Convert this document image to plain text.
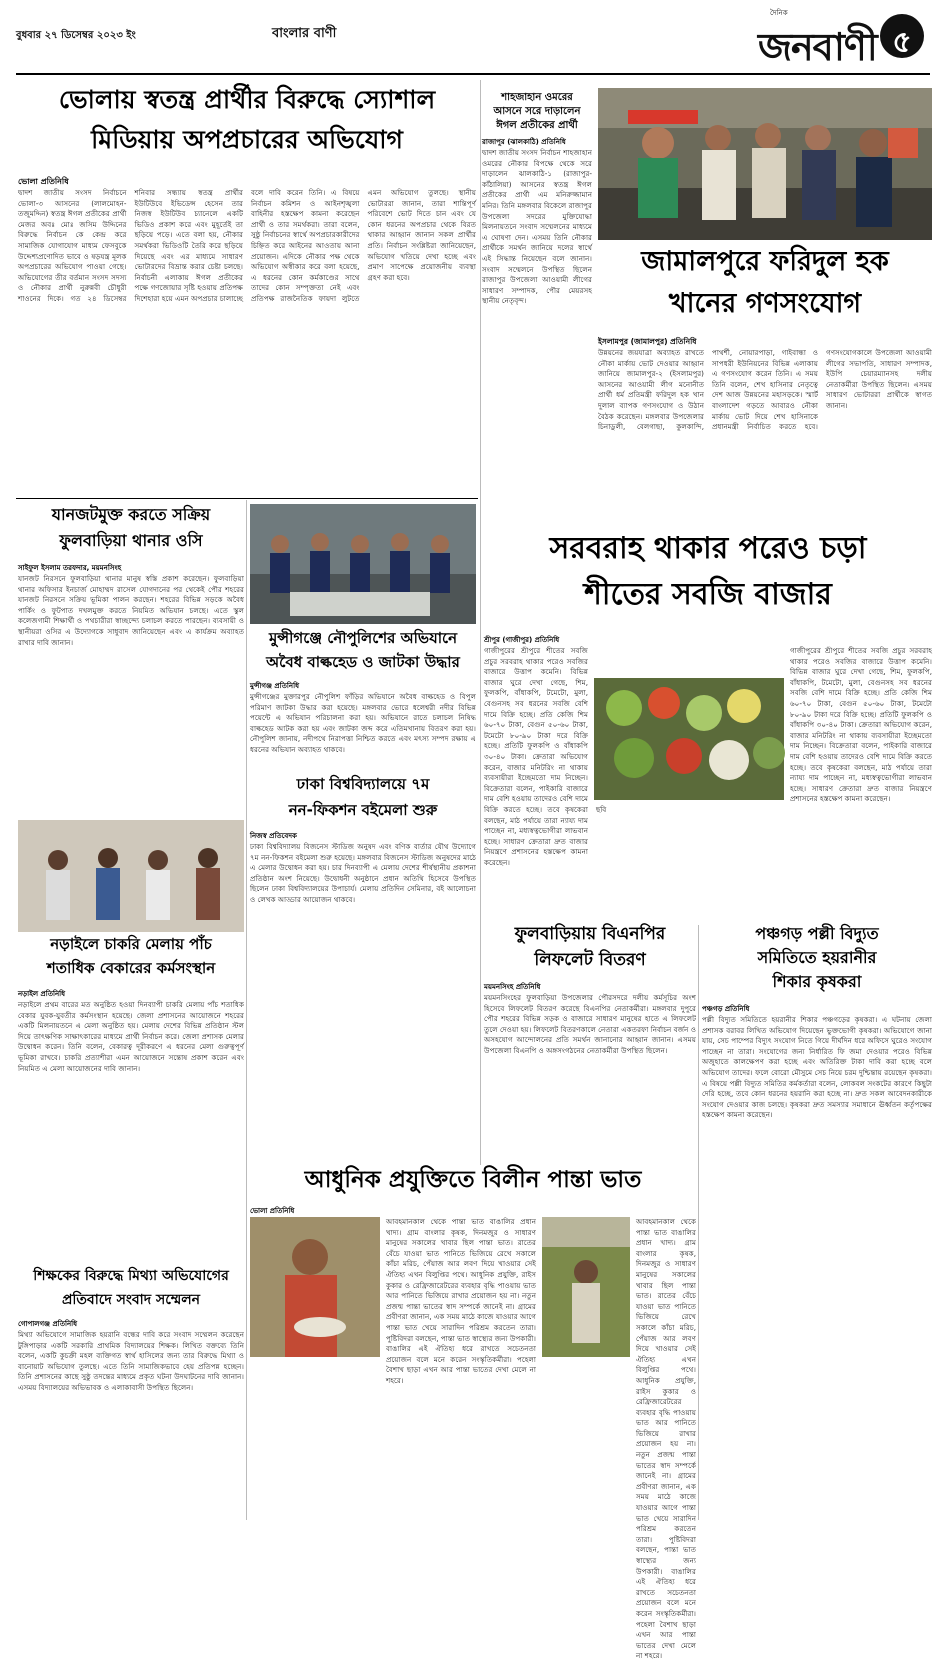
বুধবার ২৭ ডিসেম্বর ২০২৩ ইং	বাংলার বাণী
দৈনিক
জনবাণী ৫
ভোলায় স্বতন্ত্র প্রার্থীর বিরুদ্ধে স্যোশাল
মিডিয়ায় অপপ্রচারের অভিযোগ
ভোলা প্রতিনিধি
দ্বাদশ জাতীয় সংসদ নির্বাচনে ভোলা-৩ আসনের (লালমোহন-তজুমদ্দিন) স্বতন্ত্র ঈগল প্রতীকের প্রার্থী মেজর অবঃ মোঃ জসিম উদ্দিনের বিরুদ্ধে নির্বাচন কে কেন্দ্র করে সামাজিক যোগাযোগ মাধ্যম ফেসবুকে উদ্দেশ্যপ্রণোদিত ভাবে ও ষড়যন্ত্র মূলক অপপ্রচারের অভিযোগ পাওয়া গেছে। অভিযোগের তীর বর্তমান সংসদ সদস্য ও নৌকার প্রার্থী নুরুন্নবী চৌধুরী শাওনের দিকে। গত ২৪ ডিসেম্বর শনিবার সন্ধ্যায় স্বতন্ত্র প্রার্থীর ইউটিউবে ইভিডেন্স হেসেন তার নিজস্ব ইউটিউব চ্যানেলে একটি ভিডিও প্রকাশ করে এবং মুহূর্তেই তা ছড়িয়ে পড়ে। এতে বলা হয়, নৌকার সমর্থকরা ভিডিওটি তৈরি করে ছড়িয়ে দিয়েছে এবং এর মাধ্যমে সাধারণ ভোটারদের বিভ্রান্ত করার চেষ্টা চলছে। নির্বাচনী এলাকায় ঈগল প্রতীকের পক্ষে গণজোয়ার সৃষ্টি হওয়ায় প্রতিপক্ষ দিশেহারা হয়ে এমন অপপ্রচার চালাচ্ছে বলে দাবি করেন তিনি। এ বিষয়ে নির্বাচন কমিশন ও আইনশৃঙ্খলা বাহিনীর হস্তক্ষেপ কামনা করেছেন প্রার্থী ও তার সমর্থকরা। তারা বলেন, সুষ্ঠু নির্বাচনের স্বার্থে অপপ্রচারকারীদের চিহ্নিত করে আইনের আওতায় আনা প্রয়োজন। এদিকে নৌকার পক্ষ থেকে অভিযোগ অস্বীকার করে বলা হয়েছে, এ ধরনের কোন কর্মকাণ্ডের সাথে তাদের কোন সম্পৃক্ততা নেই এবং প্রতিপক্ষ রাজনৈতিক ফায়দা লুটতে এমন অভিযোগ তুলছে। স্থানীয় ভোটাররা জানান, তারা শান্তিপূর্ণ পরিবেশে ভোট দিতে চান এবং যে কোন ধরনের অপপ্রচার থেকে বিরত থাকার আহ্বান জানান সকল প্রার্থীর প্রতি। নির্বাচন সংশ্লিষ্টরা জানিয়েছেন, অভিযোগ খতিয়ে দেখা হচ্ছে এবং প্রমাণ সাপেক্ষে প্রয়োজনীয় ব্যবস্থা গ্রহণ করা হবে।
শাহজাহান ওমরের
আসনে সরে দাড়ালেন
ঈগল প্রতীকের প্রার্থী
রাজাপুর (ঝালকাঠি) প্রতিনিধি
দ্বাদশ জাতীয় সংসদ নির্বাচন শাহজাহান ওমরের নৌকার বিপক্ষে থেকে সরে দাড়ালেন ঝালকাঠি-১ (রাজাপুর-কাঁঠালিয়া) আসনের স্বতন্ত্র ঈগল প্রতীকের প্রার্থী এম মনিরুজ্জামান মনির। তিনি মঙ্গলবার বিকেলে রাজাপুর উপজেলা সদরের মুক্তিযোদ্ধা মিলনায়তনে সংবাদ সম্মেলনের মাধ্যমে এ ঘোষণা দেন। এসময় তিনি নৌকার প্রার্থীকে সমর্থন জানিয়ে দলের স্বার্থে এই সিদ্ধান্ত নিয়েছেন বলে জানান। সংবাদ সম্মেলনে উপস্থিত ছিলেন রাজাপুর উপজেলা আওয়ামী লীগের সাধারণ সম্পাদক, পৌর মেয়রসহ স্থানীয় নেতৃবৃন্দ।
জামালপুরে ফরিদুল হক
খানের গণসংযোগ
ইসলামপুর (জামালপুর) প্রতিনিধি
উন্নয়নের জয়যাত্রা অব্যাহত রাখতে নৌকা মার্কায় ভোট দেওয়ার আহ্বান জানিয়ে জামালপুর-২ (ইসলামপুর) আসনের আওয়ামী লীগ মনোনীত প্রার্থী ধর্ম প্রতিমন্ত্রী ফরিদুল হক খান দুলাল ব্যাপক গণসংযোগ ও উঠান বৈঠক করেছেন। মঙ্গলবার উপজেলার চিনাডুলী, বেলগাছা, কুলকান্দি, পাথর্শী, নোয়ারপাড়া, গাইবান্ধা ও সাপধরী ইউনিয়নের বিভিন্ন এলাকায় এ গণসংযোগ করেন তিনি। এ সময় তিনি বলেন, শেখ হাসিনার নেতৃত্বে দেশ আজ উন্নয়নের মহাসড়কে। স্মার্ট বাংলাদেশ গড়তে আবারও নৌকা মার্কায় ভোট দিয়ে শেখ হাসিনাকে প্রধানমন্ত্রী নির্বাচিত করতে হবে। গণসংযোগকালে উপজেলা আওয়ামী লীগের সভাপতি, সাধারণ সম্পাদক, ইউপি চেয়ারম্যানসহ দলীয় নেতাকর্মীরা উপস্থিত ছিলেন। এসময় সাধারণ ভোটাররা প্রার্থীকে স্বাগত জানান।
যানজটমুক্ত করতে সক্রিয়
ফুলবাড়িয়া থানার ওসি
সাইফুল ইসলাম তরফদার, ময়মনসিংহ
যানজট নিরসনে ফুলবাড়িয়া থানার মানুষ স্বস্তি প্রকাশ করেছেন। ফুলবাড়িয়া থানার অফিসার ইনচার্জ মোহাম্মদ রাসেল যোগদানের পর থেকেই পৌর শহরের যানজট নিরসনে সক্রিয় ভূমিকা পালন করছেন। শহরের বিভিন্ন সড়কে অবৈধ পার্কিং ও ফুটপাত দখলমুক্ত করতে নিয়মিত অভিযান চলছে। এতে স্কুল কলেজগামী শিক্ষার্থী ও পথচারীরা স্বাচ্ছন্দ্যে চলাচল করতে পারছেন। ব্যবসায়ী ও স্থানীয়রা ওসির এ উদ্যোগকে সাধুবাদ জানিয়েছেন এবং এ কার্যক্রম অব্যাহত রাখার দাবি জানান।	মুন্সীগঞ্জে নৌপুলিশের অভিযানে
অবৈধ বাল্কহেড ও জাটকা উদ্ধার
মুন্সীগঞ্জ প্রতিনিধি
মুন্সীগঞ্জের মুক্তারপুর নৌপুলিশ ফাঁড়ির অভিযানে অবৈধ বাল্কহেড ও বিপুল পরিমাণ জাটকা উদ্ধার করা হয়েছে। মঙ্গলবার ভোরে ধলেশ্বরী নদীর বিভিন্ন পয়েন্টে এ অভিযান পরিচালনা করা হয়। অভিযানে রাতে চলাচল নিষিদ্ধ বাল্কহেড আটক করা হয় এবং জাটকা জব্দ করে এতিমখানায় বিতরণ করা হয়। নৌপুলিশ জানায়, নদীপথে নিরাপত্তা নিশ্চিত করতে এবং মৎস্য সম্পদ রক্ষায় এ ধরনের অভিযান অব্যাহত থাকবে।
ঢাকা বিশ্ববিদ্যালয়ে ৭ম
নন-ফিকশন বইমেলা শুরু
নিজস্ব প্রতিবেদক
ঢাকা বিশ্ববিদ্যালয় বিজনেস স্টাডিজ অনুষদ এবং বণিক বার্তার যৌথ উদ্যোগে ৭ম নন-ফিকশন বইমেলা শুরু হয়েছে। মঙ্গলবার বিজনেস স্টাডিজ অনুষদের মাঠে এ মেলার উদ্বোধন করা হয়। চার দিনব্যাপী এ মেলায় দেশের শীর্ষস্থানীয় প্রকাশনা প্রতিষ্ঠান অংশ নিয়েছে। উদ্বোধনী অনুষ্ঠানে প্রধান অতিথি হিসেবে উপস্থিত ছিলেন ঢাকা বিশ্ববিদ্যালয়ের উপাচার্য। মেলায় প্রতিদিন সেমিনার, বই আলোচনা ও লেখক আড্ডার আয়োজন থাকবে।
সরবরাহ থাকার পরেও চড়া
শীতের সবজি বাজার
শ্রীপুর (গাজীপুর) প্রতিনিধি
গাজীপুরের শ্রীপুরে শীতের সবজি প্রচুর সরবরাহ থাকার পরেও সবজির বাজারে উত্তাপ কমেনি। বিভিন্ন বাজার ঘুরে দেখা গেছে, শিম, ফুলকপি, বাঁধাকপি, টমেটো, মুলা, বেগুনসহ সব ধরনের সবজি বেশি দামে বিক্রি হচ্ছে। প্রতি কেজি শিম ৬০-৭০ টাকা, বেগুন ৫০-৬০ টাকা, টমেটো ৮০-৯০ টাকা দরে বিক্রি হচ্ছে। প্রতিটি ফুলকপি ও বাঁধাকপি ৩০-৪০ টাকা। ক্রেতারা অভিযোগ করেন, বাজার মনিটরিং না থাকায় ব্যবসায়ীরা ইচ্ছেমতো দাম নিচ্ছেন। বিক্রেতারা বলেন, পাইকারি বাজারে দাম বেশি হওয়ায় তাদেরও বেশি দামে বিক্রি করতে হচ্ছে। তবে কৃষকেরা বলছেন, মাঠ পর্যায়ে তারা ন্যায্য দাম পাচ্ছেন না, মধ্যস্বত্বভোগীরা লাভবান হচ্ছে। সাধারণ ক্রেতারা দ্রুত বাজার নিয়ন্ত্রণে প্রশাসনের হস্তক্ষেপ কামনা করেছেন।
গাজীপুরের শ্রীপুরে শীতের সবজি প্রচুর সরবরাহ থাকার পরেও সবজির বাজারে উত্তাপ কমেনি। বিভিন্ন বাজার ঘুরে দেখা গেছে, শিম, ফুলকপি, বাঁধাকপি, টমেটো, মুলা, বেগুনসহ সব ধরনের সবজি বেশি দামে বিক্রি হচ্ছে। প্রতি কেজি শিম ৬০-৭০ টাকা, বেগুন ৫০-৬০ টাকা, টমেটো ৮০-৯০ টাকা দরে বিক্রি হচ্ছে। প্রতিটি ফুলকপি ও বাঁধাকপি ৩০-৪০ টাকা। ক্রেতারা অভিযোগ করেন, বাজার মনিটরিং না থাকায় ব্যবসায়ীরা ইচ্ছেমতো দাম নিচ্ছেন। বিক্রেতারা বলেন, পাইকারি বাজারে দাম বেশি হওয়ায় তাদেরও বেশি দামে বিক্রি করতে হচ্ছে। তবে কৃষকেরা বলছেন, মাঠ পর্যায়ে তারা ন্যায্য দাম পাচ্ছেন না, মধ্যস্বত্বভোগীরা লাভবান হচ্ছে। সাধারণ ক্রেতারা দ্রুত বাজার নিয়ন্ত্রণে প্রশাসনের হস্তক্ষেপ কামনা করেছেন।
ছবি
নড়াইলে চাকরি মেলায় পাঁচ
শতাধিক বেকারের কর্মসংস্থান
নড়াইল প্রতিনিধি
নড়াইলে প্রথম বারের মত অনুষ্ঠিত হওয়া দিনব্যাপী চাকরি মেলায় পাঁচ শতাধিক বেকার যুবক-যুবতীর কর্মসংস্থান হয়েছে। জেলা প্রশাসনের আয়োজনে শহরের একটি মিলনায়তনে এ মেলা অনুষ্ঠিত হয়। মেলায় দেশের বিভিন্ন প্রতিষ্ঠান স্টল দিয়ে তাৎক্ষণিক সাক্ষাৎকারের মাধ্যমে প্রার্থী নির্বাচন করে। জেলা প্রশাসক মেলার উদ্বোধন করেন। তিনি বলেন, বেকারত্ব দূরীকরণে এ ধরনের মেলা গুরুত্বপূর্ণ ভূমিকা রাখবে। চাকরি প্রত্যাশীরা এমন আয়োজনে সন্তোষ প্রকাশ করেন এবং নিয়মিত এ মেলা আয়োজনের দাবি জানান।
ফুলবাড়িয়ায় বিএনপির
লিফলেট বিতরণ
ময়মনসিংহ প্রতিনিধি
ময়মনসিংহের ফুলবাড়িয়া উপজেলার পৌরসদরে দলীয় কর্মসূচির অংশ হিসেবে লিফলেট বিতরণ করেছে বিএনপির নেতাকর্মীরা। মঙ্গলবার দুপুরে পৌর শহরের বিভিন্ন সড়ক ও বাজারে সাধারণ মানুষের হাতে এ লিফলেট তুলে দেওয়া হয়। লিফলেট বিতরণকালে নেতারা একতরফা নির্বাচন বর্জন ও অসহযোগ আন্দোলনের প্রতি সমর্থন জানানোর আহ্বান জানান। এসময় উপজেলা বিএনপি ও অঙ্গসংগঠনের নেতাকর্মীরা উপস্থিত ছিলেন।
পঞ্চগড় পল্লী বিদ্যুত
সমিতিতে হয়রানীর
শিকার কৃষকরা
পঞ্চগড় প্রতিনিধি
পল্লী বিদ্যুত সমিতিতে হয়রানীর শিকার পঞ্চগড়ের কৃষকরা। এ ঘটনায় জেলা প্রশাসক বরাবর লিখিত অভিযোগ দিয়েছেন ভুক্তভোগী কৃষকরা। অভিযোগে জানা যায়, সেচ পাম্পের বিদ্যুৎ সংযোগ নিতে গিয়ে দীর্ঘদিন ধরে অফিসে ঘুরেও সংযোগ পাচ্ছেন না তারা। সংযোগের জন্য নির্ধারিত ফি জমা দেওয়ার পরেও বিভিন্ন অজুহাতে কালক্ষেপণ করা হচ্ছে এবং অতিরিক্ত টাকা দাবি করা হচ্ছে বলে অভিযোগ তাদের। ফলে বোরো মৌসুমে সেচ নিয়ে চরম দুশ্চিন্তায় রয়েছেন কৃষকরা। এ বিষয়ে পল্লী বিদ্যুত সমিতির কর্মকর্তারা বলেন, লোকবল সংকটের কারণে কিছুটা দেরি হচ্ছে, তবে কোন ধরনের হয়রানি করা হচ্ছে না। দ্রুত সকল আবেদনকারীকে সংযোগ দেওয়ার কাজ চলছে। কৃষকরা দ্রুত সমস্যার সমাধানে ঊর্ধ্বতন কর্তৃপক্ষের হস্তক্ষেপ কামনা করেছেন।
আধুনিক প্রযুক্তিতে বিলীন পান্তা ভাত
ভোলা প্রতিনিধি
আবহমানকাল থেকে পান্তা ভাত বাঙালির প্রধান খাদ্য। গ্রাম বাংলার কৃষক, দিনমজুর ও সাধারণ মানুষের সকালের খাবার ছিল পান্তা ভাত। রাতের বেঁচে যাওয়া ভাত পানিতে ভিজিয়ে রেখে সকালে কাঁচা মরিচ, পেঁয়াজ আর লবণ দিয়ে খাওয়ার সেই ঐতিহ্য এখন বিলুপ্তির পথে। আধুনিক প্রযুক্তি, রাইস কুকার ও রেফ্রিজারেটরের ব্যবহার বৃদ্ধি পাওয়ায় ভাত আর পানিতে ভিজিয়ে রাখার প্রয়োজন হয় না। নতুন প্রজন্ম পান্তা ভাতের স্বাদ সম্পর্কে জানেই না। গ্রামের প্রবীণরা জানান, এক সময় মাঠে কাজে যাওয়ার আগে পান্তা ভাত খেয়ে সারাদিন পরিশ্রম করতেন তারা। পুষ্টিবিদরা বলছেন, পান্তা ভাত স্বাস্থ্যের জন্য উপকারী। বাঙালির এই ঐতিহ্য ধরে রাখতে সচেতনতা প্রয়োজন বলে মনে করেন সংস্কৃতিকর্মীরা। পহেলা বৈশাখ ছাড়া এখন আর পান্তা ভাতের দেখা মেলে না শহরে।
আবহমানকাল থেকে পান্তা ভাত বাঙালির প্রধান খাদ্য। গ্রাম বাংলার কৃষক, দিনমজুর ও সাধারণ মানুষের সকালের খাবার ছিল পান্তা ভাত। রাতের বেঁচে যাওয়া ভাত পানিতে ভিজিয়ে রেখে সকালে কাঁচা মরিচ, পেঁয়াজ আর লবণ দিয়ে খাওয়ার সেই ঐতিহ্য এখন বিলুপ্তির পথে। আধুনিক প্রযুক্তি, রাইস কুকার ও রেফ্রিজারেটরের ব্যবহার বৃদ্ধি পাওয়ায় ভাত আর পানিতে ভিজিয়ে রাখার প্রয়োজন হয় না। নতুন প্রজন্ম পান্তা ভাতের স্বাদ সম্পর্কে জানেই না। গ্রামের প্রবীণরা জানান, এক সময় মাঠে কাজে যাওয়ার আগে পান্তা ভাত খেয়ে সারাদিন পরিশ্রম করতেন তারা। পুষ্টিবিদরা বলছেন, পান্তা ভাত স্বাস্থ্যের জন্য উপকারী। বাঙালির এই ঐতিহ্য ধরে রাখতে সচেতনতা প্রয়োজন বলে মনে করেন সংস্কৃতিকর্মীরা। পহেলা বৈশাখ ছাড়া এখন আর পান্তা ভাতের দেখা মেলে না শহরে।
শিক্ষকের বিরুদ্ধে মিথ্যা অভিযোগের
প্রতিবাদে সংবাদ সম্মেলন
গোপালগঞ্জ প্রতিনিধি
মিথ্যা অভিযোগে সামাজিক হয়রানি বন্ধের দাবি করে সংবাদ সম্মেলন করেছেন টুঙ্গিপাড়ার একটি সরকারি প্রাথমিক বিদ্যালয়ের শিক্ষক। লিখিত বক্তব্যে তিনি বলেন, একটি কুচক্রী মহল ব্যক্তিগত স্বার্থ হাসিলের জন্য তার বিরুদ্ধে মিথ্যা ও বানোয়াট অভিযোগ তুলছে। এতে তিনি সামাজিকভাবে হেয় প্রতিপন্ন হচ্ছেন। তিনি প্রশাসনের কাছে সুষ্ঠু তদন্তের মাধ্যমে প্রকৃত ঘটনা উদঘাটনের দাবি জানান। এসময় বিদ্যালয়ের অভিভাবক ও এলাকাবাসী উপস্থিত ছিলেন।
